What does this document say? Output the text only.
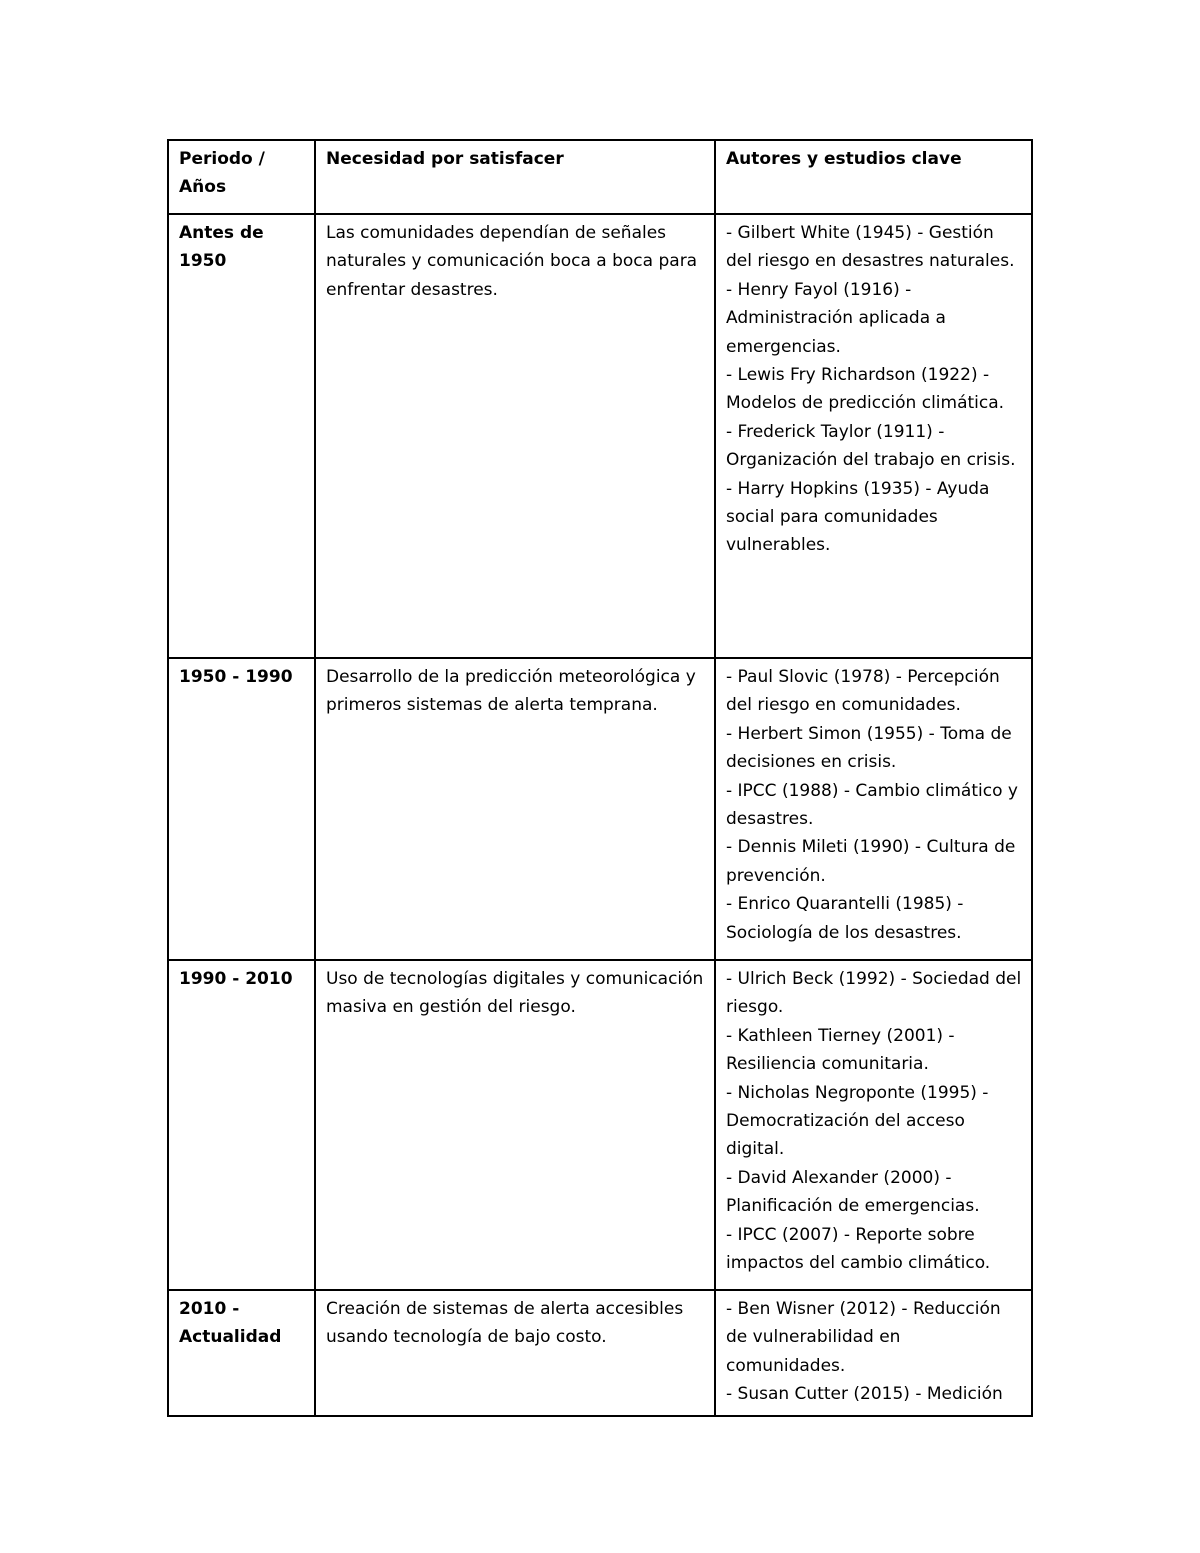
Periodo / Años	Necesidad por satisfacer	Autores y estudios clave
Antes de 1950	Las comunidades dependían de señales naturales y comunicación boca a boca para enfrentar desastres.	- Gilbert White (1945) - Gestión del riesgo en desastres naturales.
- Henry Fayol (1916) - Administración aplicada a emergencias.
- Lewis Fry Richardson (1922) - Modelos de predicción climática.
- Frederick Taylor (1911) - Organización del trabajo en crisis.
- Harry Hopkins (1935) - Ayuda social para comunidades vulnerables.

1950 - 1990	Desarrollo de la predicción meteorológica y primeros sistemas de alerta temprana.	- Paul Slovic (1978) - Percepción del riesgo en comunidades.
- Herbert Simon (1955) - Toma de decisiones en crisis.
- IPCC (1988) - Cambio climático y desastres.
- Dennis Mileti (1990) - Cultura de prevención.
- Enrico Quarantelli (1985) - Sociología de los desastres.

1990 - 2010	Uso de tecnologías digitales y comunicación masiva en gestión del riesgo.	- Ulrich Beck (1992) - Sociedad del riesgo.
- Kathleen Tierney (2001) - Resiliencia comunitaria.
- Nicholas Negroponte (1995) - Democratización del acceso digital.
- David Alexander (2000) - Planificación de emergencias.
- IPCC (2007) - Reporte sobre impactos del cambio climático.

2010 - Actualidad	Creación de sistemas de alerta accesibles usando tecnología de bajo costo.	- Ben Wisner (2012) - Reducción de vulnerabilidad en comunidades.
- Susan Cutter (2015) - Medición
